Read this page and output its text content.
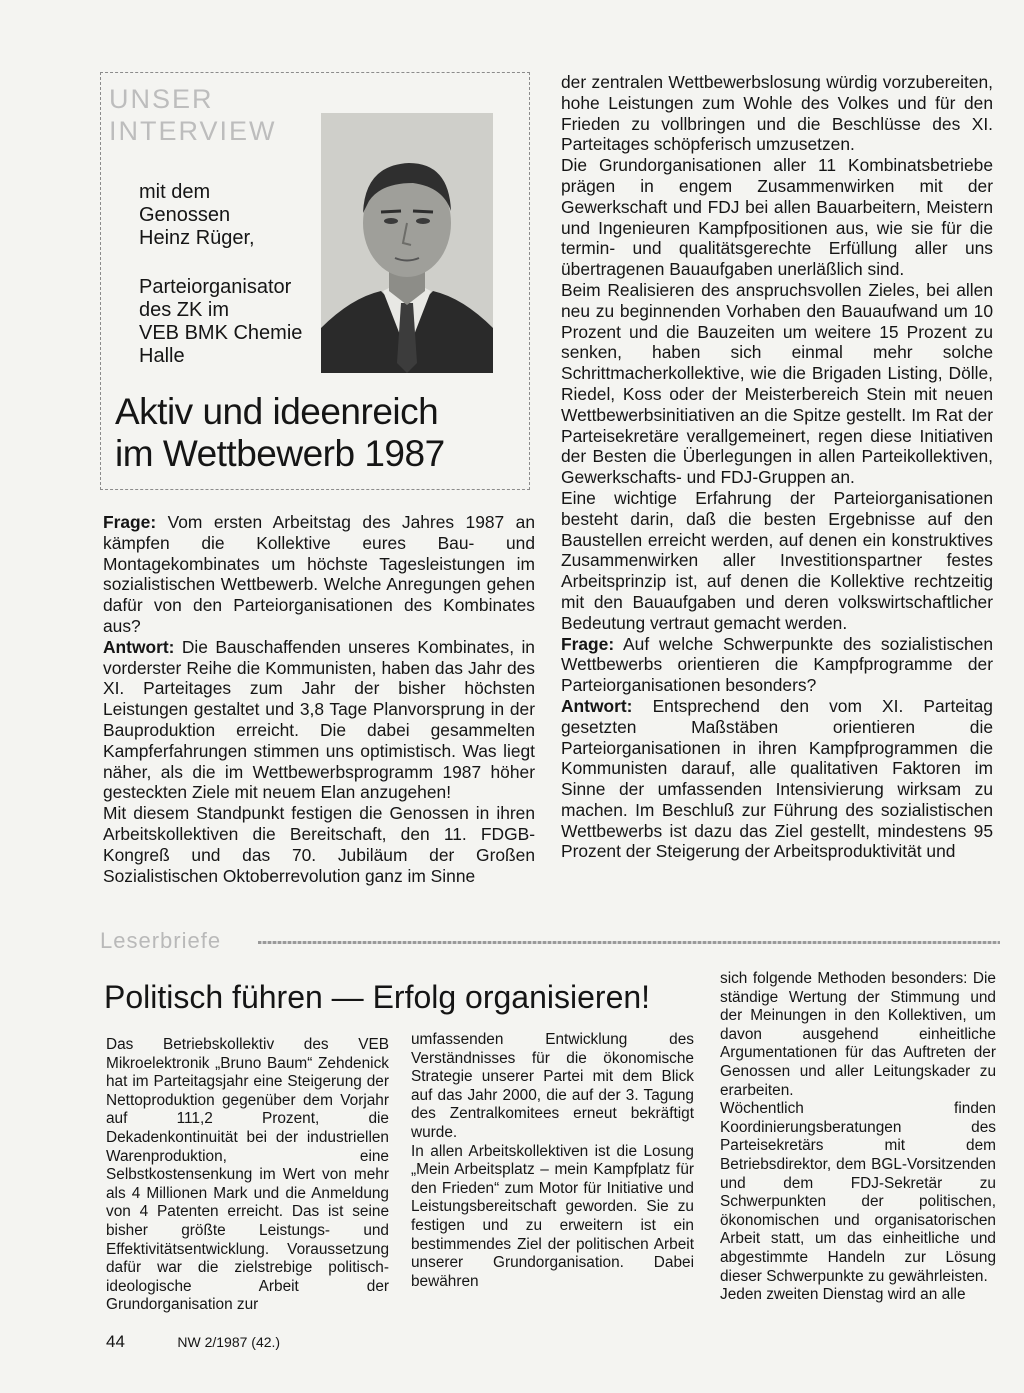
UNSER
INTERVIEW
mit dem
Genossen
Heinz Rüger,
Parteiorganisator
des ZK im
VEB BMK Chemie
Halle
Aktiv und ideenreich
im Wettbewerb 1987

Frage: Vom ersten Arbeitstag des Jahres 1987 an kämpfen die Kollektive eures Bau- und Montagekombinates um höchste Tagesleistungen im sozialistischen Wettbewerb. Welche Anregungen gehen dafür von den Parteiorganisationen des Kombinates aus?

Antwort: Die Bauschaffenden unseres Kombinates, in vorderster Reihe die Kommunisten, haben das Jahr des XI. Parteitages zum Jahr der bisher höchsten Leistungen gestaltet und 3,8 Tage Planvorsprung in der Bauproduktion erreicht. Die dabei gesammelten Kampferfahrungen stimmen uns optimistisch. Was liegt näher, als die im Wettbewerbsprogramm 1987 höher gesteckten Ziele mit neuem Elan anzugehen!

Mit diesem Standpunkt festigen die Genossen in ihren Arbeitskollektiven die Bereitschaft, den 11. FDGB-Kongreß und das 70. Jubiläum der Großen Sozialistischen Oktoberrevolution ganz im Sinne

der zentralen Wettbewerbslosung würdig vorzubereiten, hohe Leistungen zum Wohle des Volkes und für den Frieden zu vollbringen und die Beschlüsse des XI. Parteitages schöpferisch umzusetzen.

Die Grundorganisationen aller 11 Kombinatsbetriebe prägen in engem Zusammenwirken mit der Gewerkschaft und FDJ bei allen Bauarbeitern, Meistern und Ingenieuren Kampfpositionen aus, wie sie für die termin- und qualitätsgerechte Erfüllung aller uns übertragenen Bauaufgaben unerläßlich sind.

Beim Realisieren des anspruchsvollen Zieles, bei allen neu zu beginnenden Vorhaben den Bauaufwand um 10 Prozent und die Bauzeiten um weitere 15 Prozent zu senken, haben sich einmal mehr solche Schrittmacherkollektive, wie die Brigaden Listing, Dölle, Riedel, Koss oder der Meisterbereich Stein mit neuen Wettbewerbsinitiativen an die Spitze gestellt. Im Rat der Parteisekretäre verallgemeinert, regen diese Initiativen der Besten die Überlegungen in allen Parteikollektiven, Gewerkschafts- und FDJ-Gruppen an.

Eine wichtige Erfahrung der Parteiorganisationen besteht darin, daß die besten Ergebnisse auf den Baustellen erreicht werden, auf denen ein konstruktives Zusammenwirken aller Investitionspartner festes Arbeitsprinzip ist, auf denen die Kollektive rechtzeitig mit den Bauaufgaben und deren volkswirtschaftlicher Bedeutung vertraut gemacht werden.

Frage: Auf welche Schwerpunkte des sozialistischen Wettbewerbs orientieren die Kampfprogramme der Parteiorganisationen besonders?

Antwort: Entsprechend den vom XI. Parteitag gesetzten Maßstäben orientieren die Parteiorganisationen in ihren Kampfprogrammen die Kommunisten darauf, alle qualitativen Faktoren im Sinne der umfassenden Intensivierung wirksam zu machen. Im Beschluß zur Führung des sozialistischen Wettbewerbs ist dazu das Ziel gestellt, mindestens 95 Prozent der Steigerung der Arbeitsproduktivität und

Leserbriefe
Politisch führen — Erfolg organisieren!

Das Betriebskollektiv des VEB Mikroelektronik „Bruno Baum“ Zehdenick hat im Parteitagsjahr eine Steigerung der Nettoproduktion gegenüber dem Vorjahr auf 111,2 Prozent, die Dekadenkontinuität bei der industriellen Warenproduktion, eine Selbstkostensenkung im Wert von mehr als 4 Millionen Mark und die Anmeldung von 4 Patenten erreicht. Das ist seine bisher größte Leistungs- und Effektivitätsentwicklung. Voraussetzung dafür war die zielstrebige politisch-ideologische Arbeit der Grundorganisation zur

umfassenden Entwicklung des Verständnisses für die ökonomische Strategie unserer Partei mit dem Blick auf das Jahr 2000, die auf der 3. Tagung des Zentralkomitees erneut bekräftigt wurde.

In allen Arbeitskollektiven ist die Losung „Mein Arbeitsplatz – mein Kampfplatz für den Frieden“ zum Motor für Initiative und Leistungsbereitschaft geworden. Sie zu festigen und zu erweitern ist ein bestimmendes Ziel der politischen Arbeit unserer Grundorganisation. Dabei bewähren

sich folgende Methoden besonders: Die ständige Wertung der Stimmung und der Meinungen in den Kollektiven, um davon ausgehend einheitliche Argumentationen für das Auftreten der Genossen und aller Leitungskader zu erarbeiten.

Wöchentlich finden Koordinierungsberatungen des Parteisekretärs mit dem Betriebsdirektor, dem BGL-Vorsitzenden und dem FDJ-Sekretär zu Schwerpunkten der politischen, ökonomischen und organisatorischen Arbeit statt, um das einheitliche und abgestimmte Handeln zur Lösung dieser Schwerpunkte zu gewährleisten.

Jeden zweiten Dienstag wird an alle

44	NW 2/1987 (42.)
